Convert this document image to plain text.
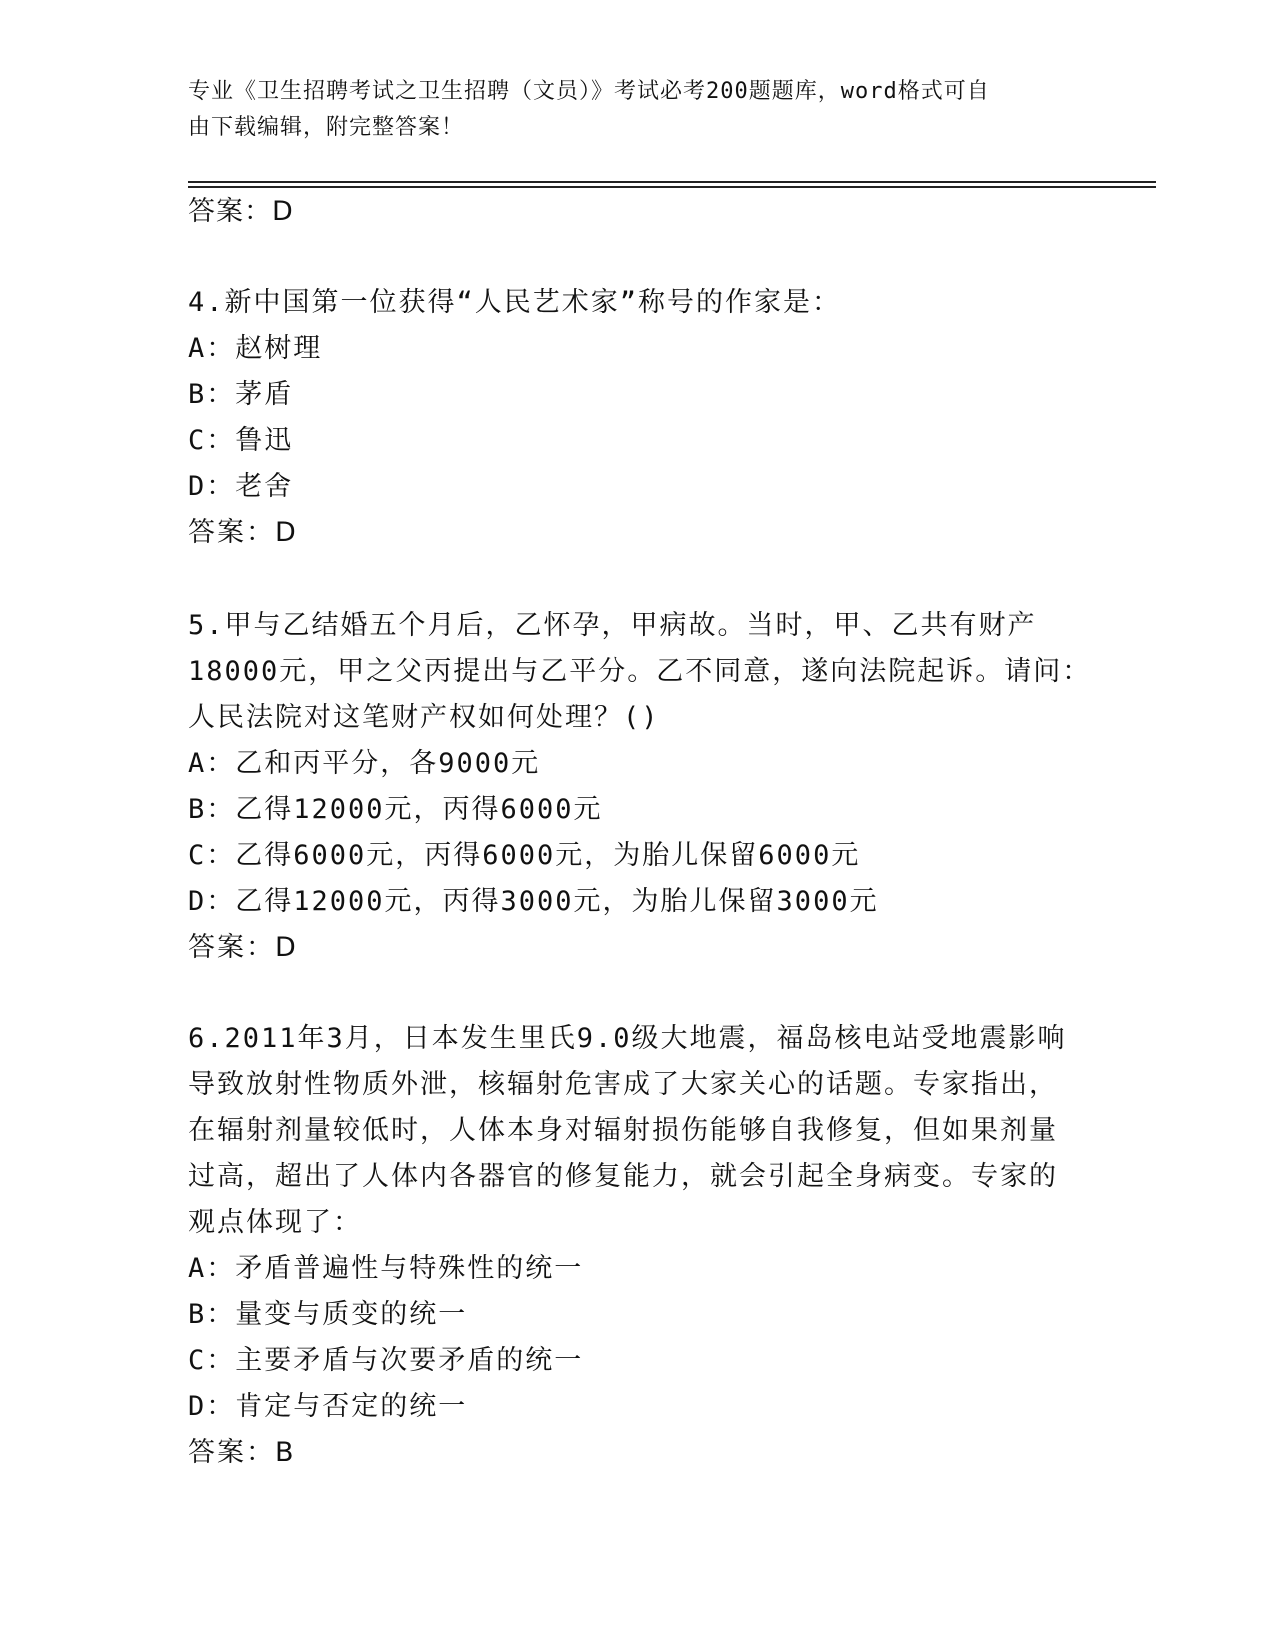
专业《卫生招聘考试之卫生招聘（文员）》考试必考200题题库，word格式可自
由下载编辑，附完整答案！
答案：D
4.新中国第一位获得“人民艺术家”称号的作家是：
A：赵树理
B：茅盾
C：鲁迅
D：老舍
答案：D
5.甲与乙结婚五个月后，乙怀孕，甲病故。当时，甲、乙共有财产
18000元，甲之父丙提出与乙平分。乙不同意，遂向法院起诉。请问：
人民法院对这笔财产权如何处理？()
A：乙和丙平分，各9000元
B：乙得12000元，丙得6000元
C：乙得6000元，丙得6000元，为胎儿保留6000元
D：乙得12000元，丙得3000元，为胎儿保留3000元
答案：D
6.2011年3月，日本发生里氏9.0级大地震，福岛核电站受地震影响
导致放射性物质外泄，核辐射危害成了大家关心的话题。专家指出，
在辐射剂量较低时，人体本身对辐射损伤能够自我修复，但如果剂量
过高，超出了人体内各器官的修复能力，就会引起全身病变。专家的
观点体现了：
A：矛盾普遍性与特殊性的统一
B：量变与质变的统一
C：主要矛盾与次要矛盾的统一
D：肯定与否定的统一
答案：B
